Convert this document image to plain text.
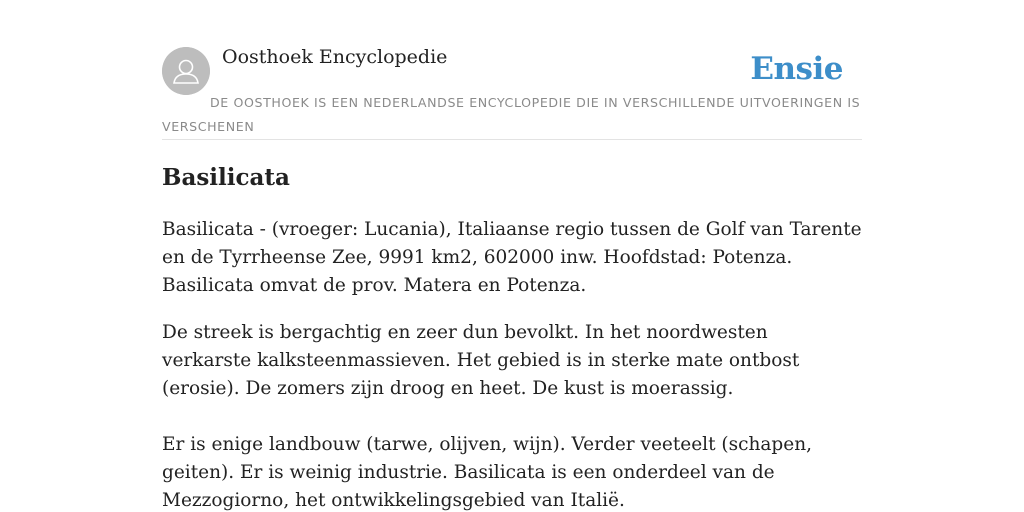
Oosthoek Encyclopedie	Ensie
DE OOSTHOEK IS EEN NEDERLANDSE ENCYCLOPEDIE DIE IN VERSCHILLENDE UITVOERINGEN IS VERSCHENEN
Basilicata

Basilicata - (vroeger: Lucania), Italiaanse regio tussen de Golf van Tarente en de Tyrrheense Zee, 9991 km2, 602000 inw. Hoofdstad: Potenza. Basilicata omvat de prov. Matera en Potenza.

De streek is bergachtig en zeer dun bevolkt. In het noordwesten verkarste kalksteenmassieven. Het gebied is in sterke mate ontbost (erosie). De zomers zijn droog en heet. De kust is moerassig.

Er is enige landbouw (tarwe, olijven, wijn). Verder veeteelt (schapen, geiten). Er is weinig industrie. Basilicata is een onderdeel van de Mezzogiorno, het ontwikkelingsgebied van Italië.
